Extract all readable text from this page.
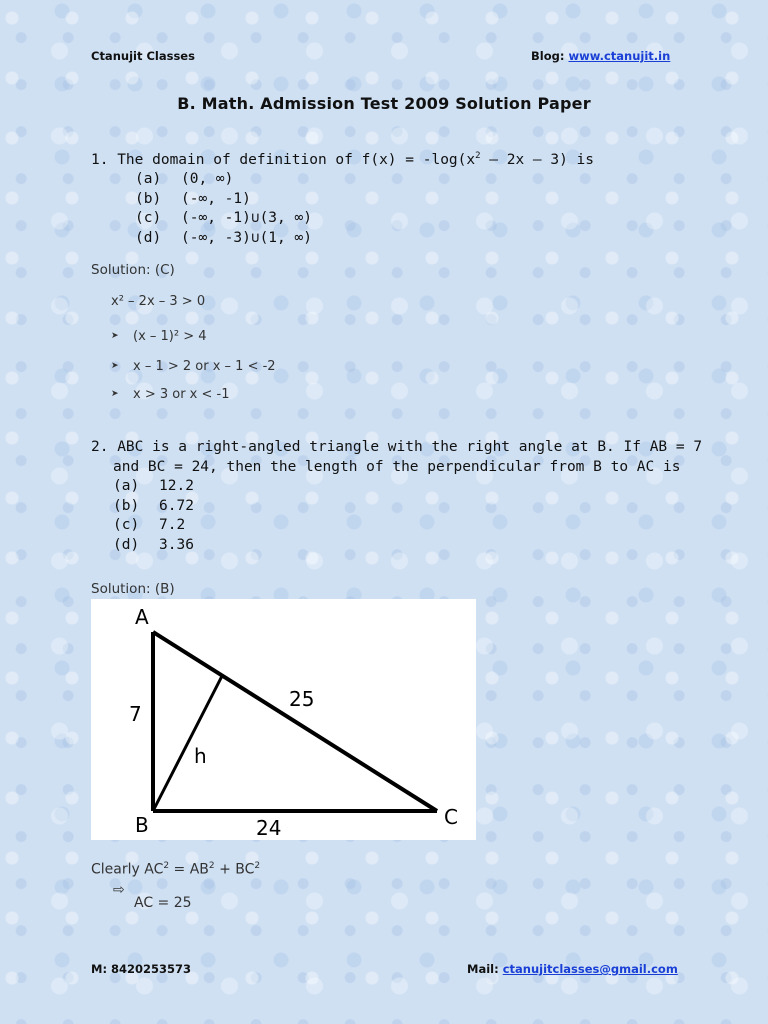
Ctanujit Classes	Blog: www.ctanujit.in
B. Math. Admission Test 2009 Solution Paper
1. The domain of definition of $f(x) = -\log(x^2 - 2x - 3)$ is
(a)	(0, ∞)
(b)	(-∞, -1)
(c)	(-∞, -1)∪(3, ∞)
(d)	(-∞, -3)∪(1, ∞)
Solution: (C)
x² – 2x – 3 > 0
➤ (x – 1)² > 4
➤ x – 1 > 2 or x – 1 < -2
➤ x > 3 or x < -1
2. ABC is a right-angled triangle with the right angle at B. If AB = 7
and BC = 24, then the length of the perpendicular from B to AC is
(a)	12.2
(b)	6.72
(c)	7.2
(d)	3.36
Solution: (B)
A
B	C
7
24
25
h
Clearly $AC^2 = AB^2 + BC^2$
⇨
AC = 25
M: 8420253573	Mail: ctanujitclasses@gmail.com
